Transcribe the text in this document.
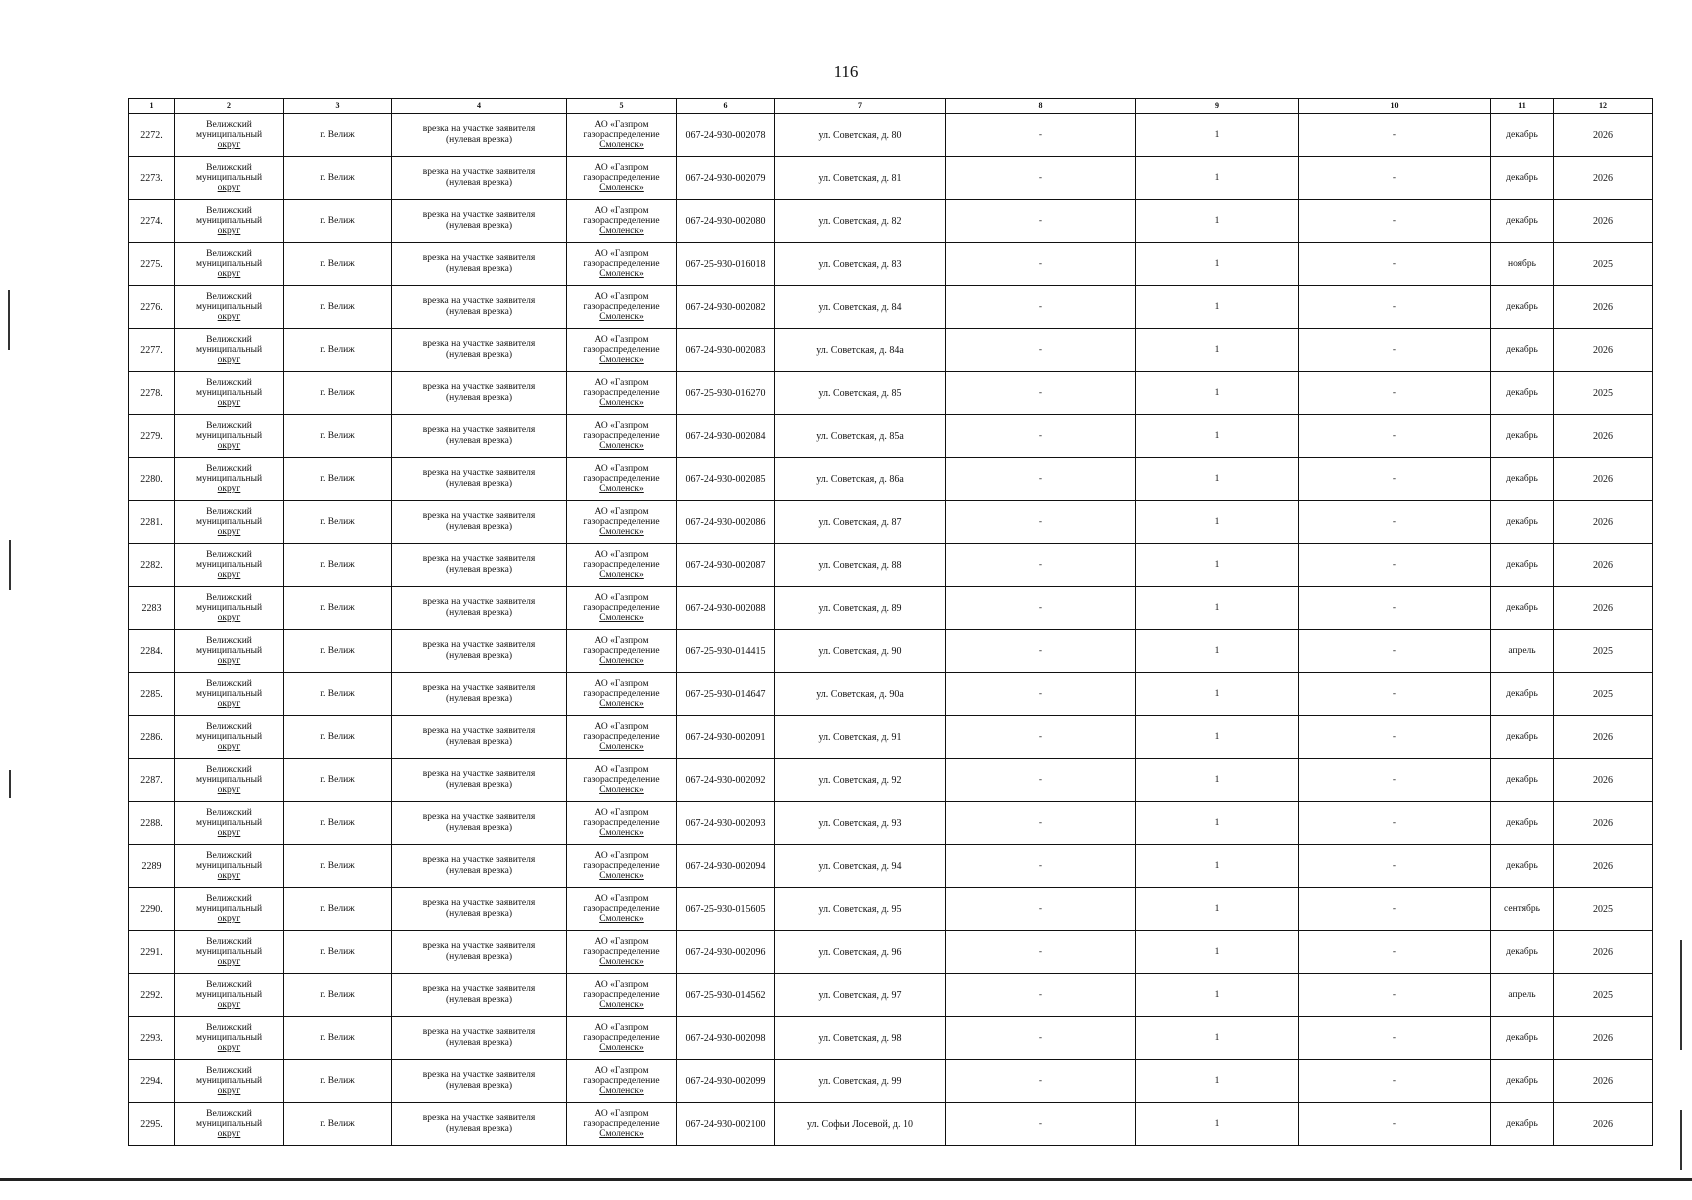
116
1	2	3	4	5	6	7	8	9	10	11	12
2272.	Велижский
муниципальный
округ	г. Велиж	врезка на участке заявителя
(нулевая врезка)	АО «Газпром
газораспределение
Смоленск»	067-24-930-002078	ул. Советская, д. 80	-	1	-	декабрь	2026
2273.	Велижский
муниципальный
округ	г. Велиж	врезка на участке заявителя
(нулевая врезка)	АО «Газпром
газораспределение
Смоленск»	067-24-930-002079	ул. Советская, д. 81	-	1	-	декабрь	2026
2274.	Велижский
муниципальный
округ	г. Велиж	врезка на участке заявителя
(нулевая врезка)	АО «Газпром
газораспределение
Смоленск»	067-24-930-002080	ул. Советская, д. 82	-	1	-	декабрь	2026
2275.	Велижский
муниципальный
округ	г. Велиж	врезка на участке заявителя
(нулевая врезка)	АО «Газпром
газораспределение
Смоленск»	067-25-930-016018	ул. Советская, д. 83	-	1	-	ноябрь	2025
2276.	Велижский
муниципальный
округ	г. Велиж	врезка на участке заявителя
(нулевая врезка)	АО «Газпром
газораспределение
Смоленск»	067-24-930-002082	ул. Советская, д. 84	-	1	-	декабрь	2026
2277.	Велижский
муниципальный
округ	г. Велиж	врезка на участке заявителя
(нулевая врезка)	АО «Газпром
газораспределение
Смоленск»	067-24-930-002083	ул. Советская, д. 84а	-	1	-	декабрь	2026
2278.	Велижский
муниципальный
округ	г. Велиж	врезка на участке заявителя
(нулевая врезка)	АО «Газпром
газораспределение
Смоленск»	067-25-930-016270	ул. Советская, д. 85	-	1	-	декабрь	2025
2279.	Велижский
муниципальный
округ	г. Велиж	врезка на участке заявителя
(нулевая врезка)	АО «Газпром
газораспределение
Смоленск»	067-24-930-002084	ул. Советская, д. 85а	-	1	-	декабрь	2026
2280.	Велижский
муниципальный
округ	г. Велиж	врезка на участке заявителя
(нулевая врезка)	АО «Газпром
газораспределение
Смоленск»	067-24-930-002085	ул. Советская, д. 86а	-	1	-	декабрь	2026
2281.	Велижский
муниципальный
округ	г. Велиж	врезка на участке заявителя
(нулевая врезка)	АО «Газпром
газораспределение
Смоленск»	067-24-930-002086	ул. Советская, д. 87	-	1	-	декабрь	2026
2282.	Велижский
муниципальный
округ	г. Велиж	врезка на участке заявителя
(нулевая врезка)	АО «Газпром
газораспределение
Смоленск»	067-24-930-002087	ул. Советская, д. 88	-	1	-	декабрь	2026
2283	Велижский
муниципальный
округ	г. Велиж	врезка на участке заявителя
(нулевая врезка)	АО «Газпром
газораспределение
Смоленск»	067-24-930-002088	ул. Советская, д. 89	-	1	-	декабрь	2026
2284.	Велижский
муниципальный
округ	г. Велиж	врезка на участке заявителя
(нулевая врезка)	АО «Газпром
газораспределение
Смоленск»	067-25-930-014415	ул. Советская, д. 90	-	1	-	апрель	2025
2285.	Велижский
муниципальный
округ	г. Велиж	врезка на участке заявителя
(нулевая врезка)	АО «Газпром
газораспределение
Смоленск»	067-25-930-014647	ул. Советская, д. 90а	-	1	-	декабрь	2025
2286.	Велижский
муниципальный
округ	г. Велиж	врезка на участке заявителя
(нулевая врезка)	АО «Газпром
газораспределение
Смоленск»	067-24-930-002091	ул. Советская, д. 91	-	1	-	декабрь	2026
2287.	Велижский
муниципальный
округ	г. Велиж	врезка на участке заявителя
(нулевая врезка)	АО «Газпром
газораспределение
Смоленск»	067-24-930-002092	ул. Советская, д. 92	-	1	-	декабрь	2026
2288.	Велижский
муниципальный
округ	г. Велиж	врезка на участке заявителя
(нулевая врезка)	АО «Газпром
газораспределение
Смоленск»	067-24-930-002093	ул. Советская, д. 93	-	1	-	декабрь	2026
2289	Велижский
муниципальный
округ	г. Велиж	врезка на участке заявителя
(нулевая врезка)	АО «Газпром
газораспределение
Смоленск»	067-24-930-002094	ул. Советская, д. 94	-	1	-	декабрь	2026
2290.	Велижский
муниципальный
округ	г. Велиж	врезка на участке заявителя
(нулевая врезка)	АО «Газпром
газораспределение
Смоленск»	067-25-930-015605	ул. Советская, д. 95	-	1	-	сентябрь	2025
2291.	Велижский
муниципальный
округ	г. Велиж	врезка на участке заявителя
(нулевая врезка)	АО «Газпром
газораспределение
Смоленск»	067-24-930-002096	ул. Советская, д. 96	-	1	-	декабрь	2026
2292.	Велижский
муниципальный
округ	г. Велиж	врезка на участке заявителя
(нулевая врезка)	АО «Газпром
газораспределение
Смоленск»	067-25-930-014562	ул. Советская, д. 97	-	1	-	апрель	2025
2293.	Велижский
муниципальный
округ	г. Велиж	врезка на участке заявителя
(нулевая врезка)	АО «Газпром
газораспределение
Смоленск»	067-24-930-002098	ул. Советская, д. 98	-	1	-	декабрь	2026
2294.	Велижский
муниципальный
округ	г. Велиж	врезка на участке заявителя
(нулевая врезка)	АО «Газпром
газораспределение
Смоленск»	067-24-930-002099	ул. Советская, д. 99	-	1	-	декабрь	2026
2295.	Велижский
муниципальный
округ	г. Велиж	врезка на участке заявителя
(нулевая врезка)	АО «Газпром
газораспределение
Смоленск»	067-24-930-002100	ул. Софьи Лосевой, д. 10	-	1	-	декабрь	2026
